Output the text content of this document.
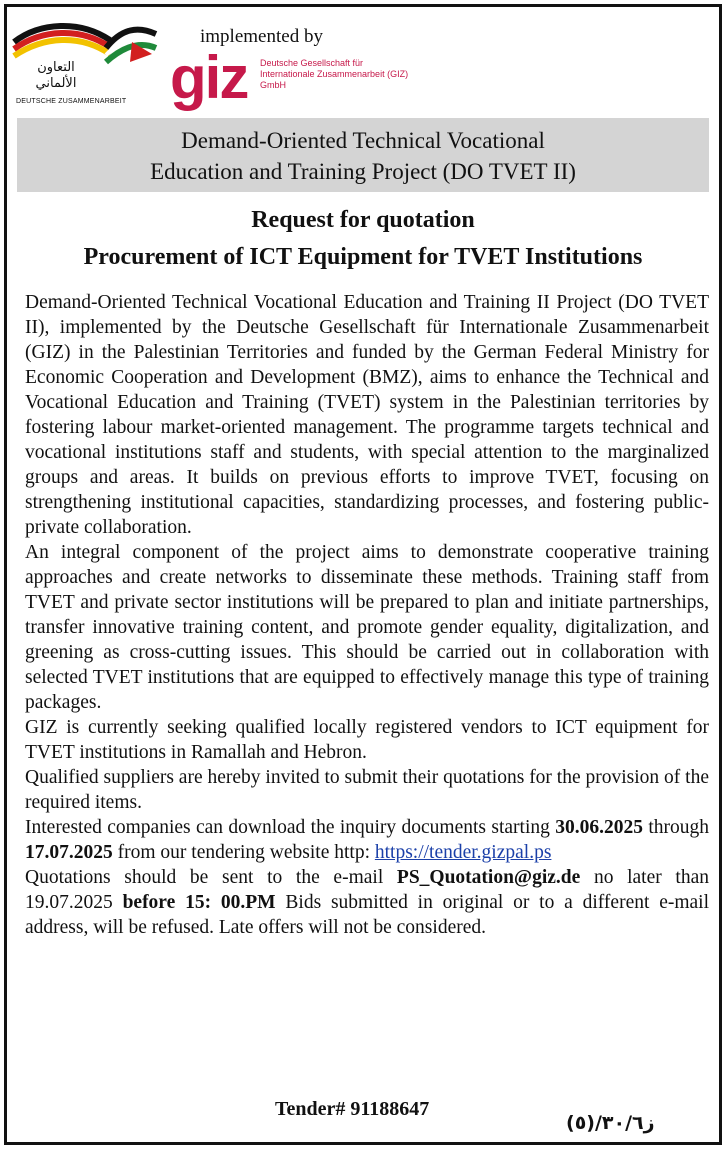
التعاون الألماني
DEUTSCHE ZUSAMMENARBEIT
implemented by
giz Deutsche Gesellschaft für Internationale Zusammenarbeit (GIZ) GmbH
Demand-Oriented Technical Vocational
Education and Training Project (DO TVET II)
Request for quotation
Procurement of ICT Equipment for TVET Institutions

Demand-Oriented Technical Vocational Education and Training II Project (DO TVET II), implemented by the Deutsche Gesellschaft für Internationale Zusammenarbeit (GIZ) in the Palestinian Territories and funded by the German Federal Ministry for Economic Cooperation and Development (BMZ), aims to enhance the Technical and Vocational Education and Training (TVET) system in the Palestinian territories by fostering labour market-oriented management. The programme targets technical and vocational institutions staff and students, with special attention to the marginalized groups and areas. It builds on previous efforts to improve TVET, focusing on strengthening institutional capacities, standardizing processes, and fostering public-private collaboration.

An integral component of the project aims to demonstrate cooperative training approaches and create networks to disseminate these methods. Training staff from TVET and private sector institutions will be prepared to plan and initiate partnerships, transfer innovative training content, and promote gender equality, digitalization, and greening as cross-cutting issues. This should be carried out in collaboration with selected TVET institutions that are equipped to effectively manage this type of training packages.

GIZ is currently seeking qualified locally registered vendors to ICT equipment for TVET institutions in Ramallah and Hebron.

Qualified suppliers are hereby invited to submit their quotations for the provision of the required items.

Interested companies can download the inquiry documents starting 30.06.2025 through 17.07.2025 from our tendering website http: https://tender.gizpal.ps

Quotations should be sent to the e-mail PS_Quotation@giz.de no later than 19.07.2025 before 15: 00.PM Bids submitted in original or to a different e-mail address, will be refused. Late offers will not be considered.

Tender# 91188647
ز٣٠/٦/(٥)
